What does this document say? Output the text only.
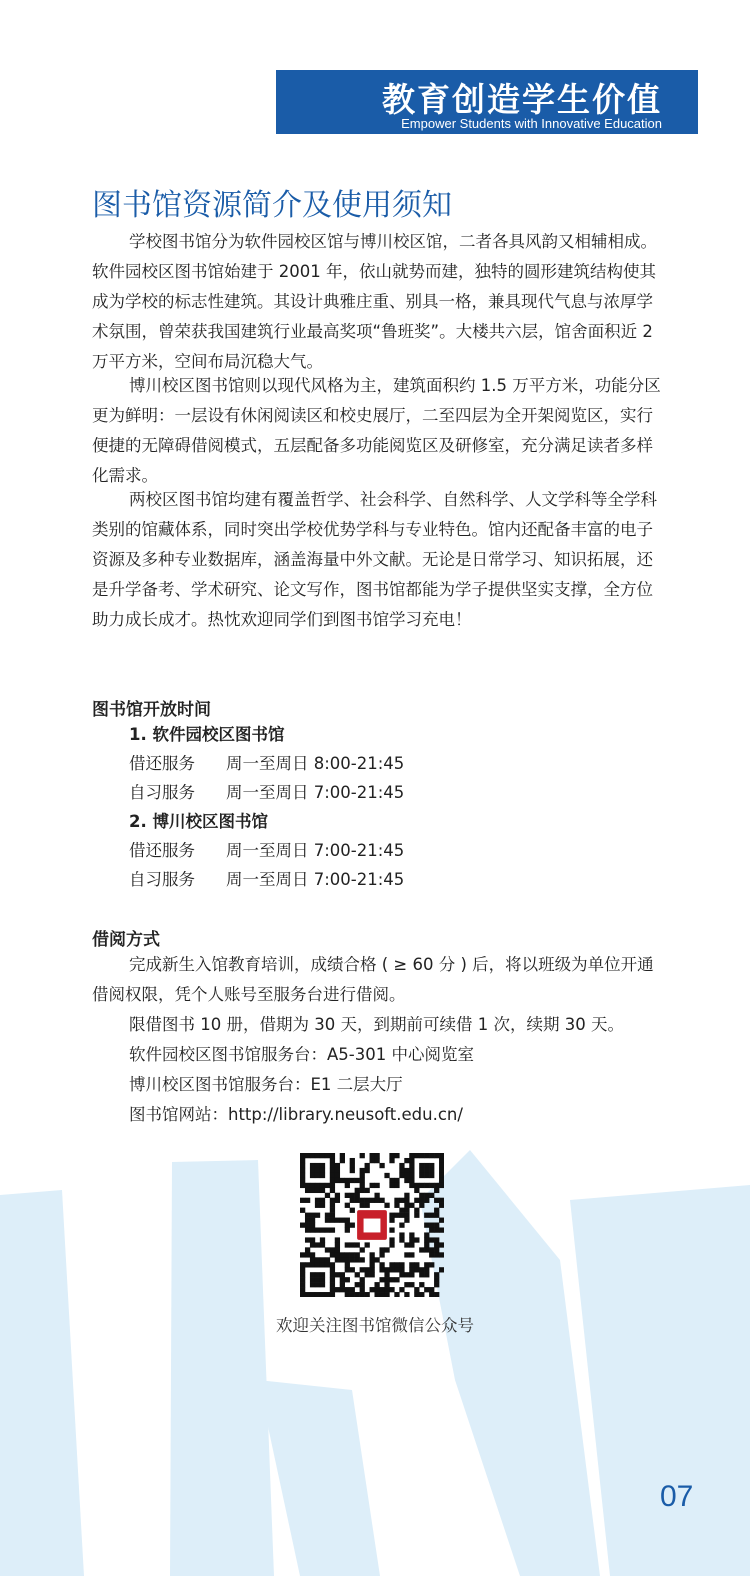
教育创造学生价值
Empower Students with Innovative Education
图书馆资源简介及使用须知

学校图书馆分为软件园校区馆与博川校区馆，二者各具风韵又相辅相成。软件园校区图书馆始建于 2001 年，依山就势而建，独特的圆形建筑结构使其成为学校的标志性建筑。其设计典雅庄重、别具一格，兼具现代气息与浓厚学术氛围，曾荣获我国建筑行业最高奖项“鲁班奖”。大楼共六层，馆舍面积近 2 万平方米，空间布局沉稳大气。

博川校区图书馆则以现代风格为主，建筑面积约 1.5 万平方米，功能分区更为鲜明：一层设有休闲阅读区和校史展厅，二至四层为全开架阅览区，实行便捷的无障碍借阅模式，五层配备多功能阅览区及研修室，充分满足读者多样化需求。

两校区图书馆均建有覆盖哲学、社会科学、自然科学、人文学科等全学科类别的馆藏体系，同时突出学校优势学科与专业特色。馆内还配备丰富的电子资源及多种专业数据库，涵盖海量中外文献。无论是日常学习、知识拓展，还是升学备考、学术研究、论文写作，图书馆都能为学子提供坚实支撑，全方位助力成长成才。热忱欢迎同学们到图书馆学习充电！

图书馆开放时间
1. 软件园校区图书馆
借还服务 周一至周日 8:00-21:45
自习服务 周一至周日 7:00-21:45
2. 博川校区图书馆
借还服务 周一至周日 7:00-21:45
自习服务 周一至周日 7:00-21:45
借阅方式

完成新生入馆教育培训，成绩合格 ( ≥ 60 分 ) 后，将以班级为单位开通借阅权限，凭个人账号至服务台进行借阅。

限借图书 10 册，借期为 30 天，到期前可续借 1 次，续期 30 天。
软件园校区图书馆服务台：A5-301 中心阅览室
博川校区图书馆服务台：E1 二层大厅
图书馆网站：http://library.neusoft.edu.cn/
欢迎关注图书馆微信公众号
07
